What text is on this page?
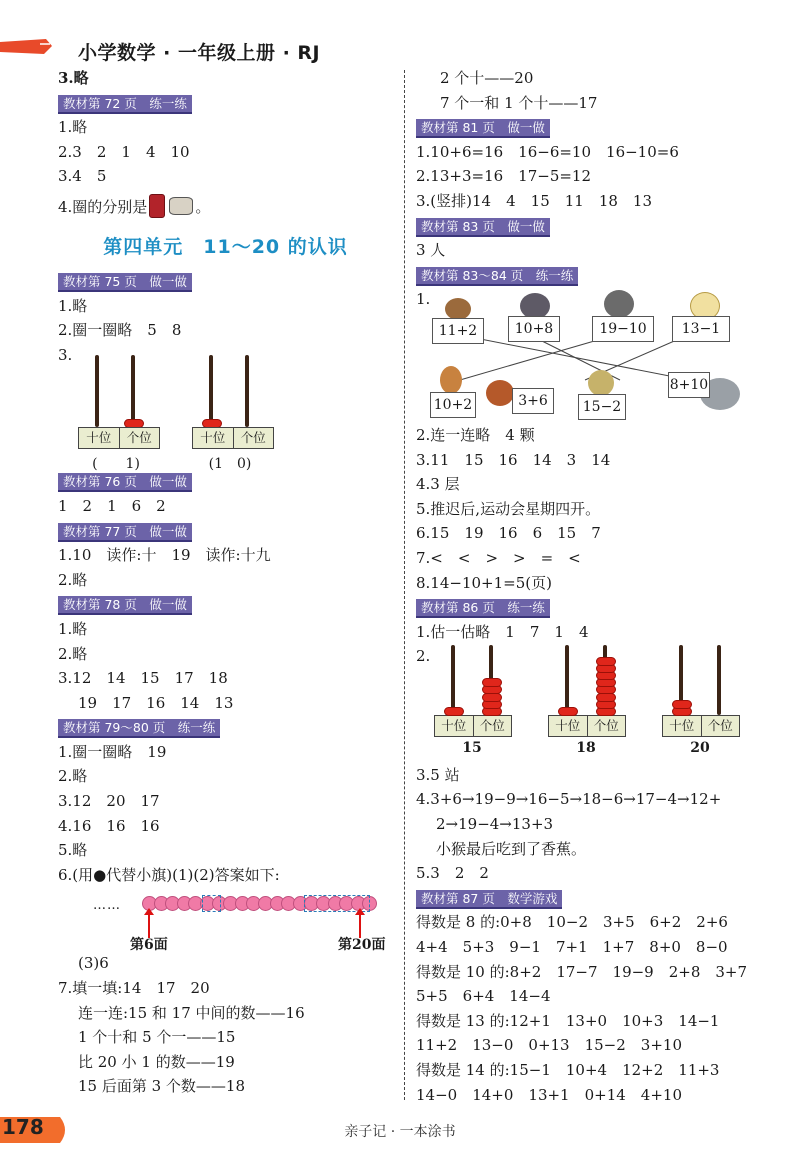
小学数学 · 一年级上册 · RJ
3.略
教材第 72 页　练一练
1.略
2.3　2　1　4　10
3.4　5
4.圈的分别是	。
第四单元　11～20 的认识
教材第 75 页　做一做
1.略
2.圈一圈略　5　8
3.
教材第 76 页　做一做
1　2　1　6　2
教材第 77 页　做一做
1.10　读作:十　19　读作:十九
2.略
教材第 78 页　做一做
1.略
2.略
3.12　14　15　17　18
19　17　16　14　13
教材第 79～80 页　练一练
1.圈一圈略　19
2.略
3.12　20　17
4.16　16　16
5.略
6.(用●代替小旗)(1)(2)答案如下:
(3)6
7.填一填:14　17　20
连一连:15 和 17 中间的数——16
1 个十和 5 个一——15
比 20 小 1 的数——19
15 后面第 3 个数——18
十位	个位
(　　1)
十位	个位
(1　0)
……
第6面	第20面
2 个十——20
7 个一和 1 个十——17
教材第 81 页　做一做
1.10+6=16　16−6=10　16−10=6
2.13+3=16　17−5=12
3.(竖排)14　4　15　11　18　13
教材第 83 页　做一做
3 人
教材第 83～84 页　练一练
1.
2.连一连略　4 颗
3.11　15　16　14　3　14
4.3 层
5.推迟后,运动会星期四开。
6.15　19　16　6　15　7
7.<　<　>　>　=　<
8.14−10+1=5(页)
教材第 86 页　练一练
1.估一估略　1　7　1　4
2.
3.5 站
4.3+6→19−9→16−5→18−6→17−4→12+
2→19−4→13+3
小猴最后吃到了香蕉。
5.3　2　2
教材第 87 页　数学游戏
得数是 8 的:0+8　10−2　3+5　6+2　2+6
4+4　5+3　9−1　7+1　1+7　8+0　8−0
得数是 10 的:8+2　17−7　19−9　2+8　3+7
5+5　6+4　14−4
得数是 13 的:12+1　13+0　10+3　14−1
11+2　13−0　0+13　15−2　3+10
得数是 14 的:15−1　10+4　12+2　11+3
14−0　14+0　13+1　0+14　4+10
11+2	10+8	19−10	13−1
10+2	3+6	15−2
8+10
十位	个位
15
十位	个位
18
十位	个位
20
178	亲子记 · 一本涂书
